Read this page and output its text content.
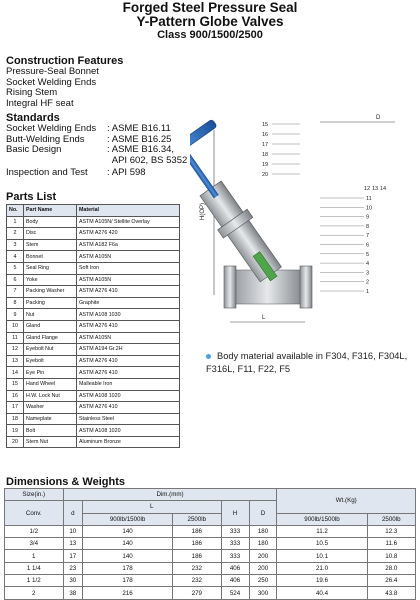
Forged Steel Pressure Seal
Y-Pattern Globe Valves
Class 900/1500/2500
Construction Features
Pressure-Seal Bonnet
Socket Welding Ends
Rising Stem
Integral HF seat
Standards
Socket Welding Ends	: ASME B16.11
Butt-Welding Ends	: ASME B16.25
Basic Design	: ASME B16.34,
API 602, BS 5352
Inspection and Test	: API 598
Parts List
No.	Part Name	Material
1	Body	ASTM A105N/ Stellite Overlay
2	Disc	ASTM A276 420
3	Stem	ASTM A182 F6a
4	Bonnet	ASTM A105N
5	Seal Ring	Soft Iron
6	Yoke	ASTM A105N
7	Packing Washer	ASTM A276 410
8	Packing	Graphite
9	Nut	ASTM A108 1030
10	Gland	ASTM A276 410
11	Gland Flange	ASTM A105N
12	Eyebolt Nut	ASTM A194 Gr.2H
13	Eyebolt	ASTM A276 410
14	Eye Pin	ASTM A276 410
15	Hand Wheel	Malleable Iron
16	H.W. Lock Nut	ASTM A108 1020
17	Washer	ASTM A276 410
18	Nameplate	Stainless Steel
19	Bolt	ASTM A108 1020
20	Stem Nut	Aluminum Bronze
D
H(OP)
L
15
16
17
18
19
20
12 13 14
11
10
9
8
7
6
5
4
3
2
1
Body material available in F304, F316, F304L, F316L, F11, F22, F5
Dimensions & Weights
Size(in.)	Dim.(mm)					Wt.(Kg)	
Conv.	d	L		H	D		
		900lb/1500lb	2500lb			900lb/1500lb	2500lb
1/2	10	140	186	333	180	11.2	12.3
3/4	13	140	186	333	180	10.5	11.6
1	17	140	186	333	200	10.1	10.8
1 1/4	23	178	232	406	200	21.0	28.0
1 1/2	30	178	232	406	250	19.6	26.4
2	38	216	279	524	300	40.4	43.8
